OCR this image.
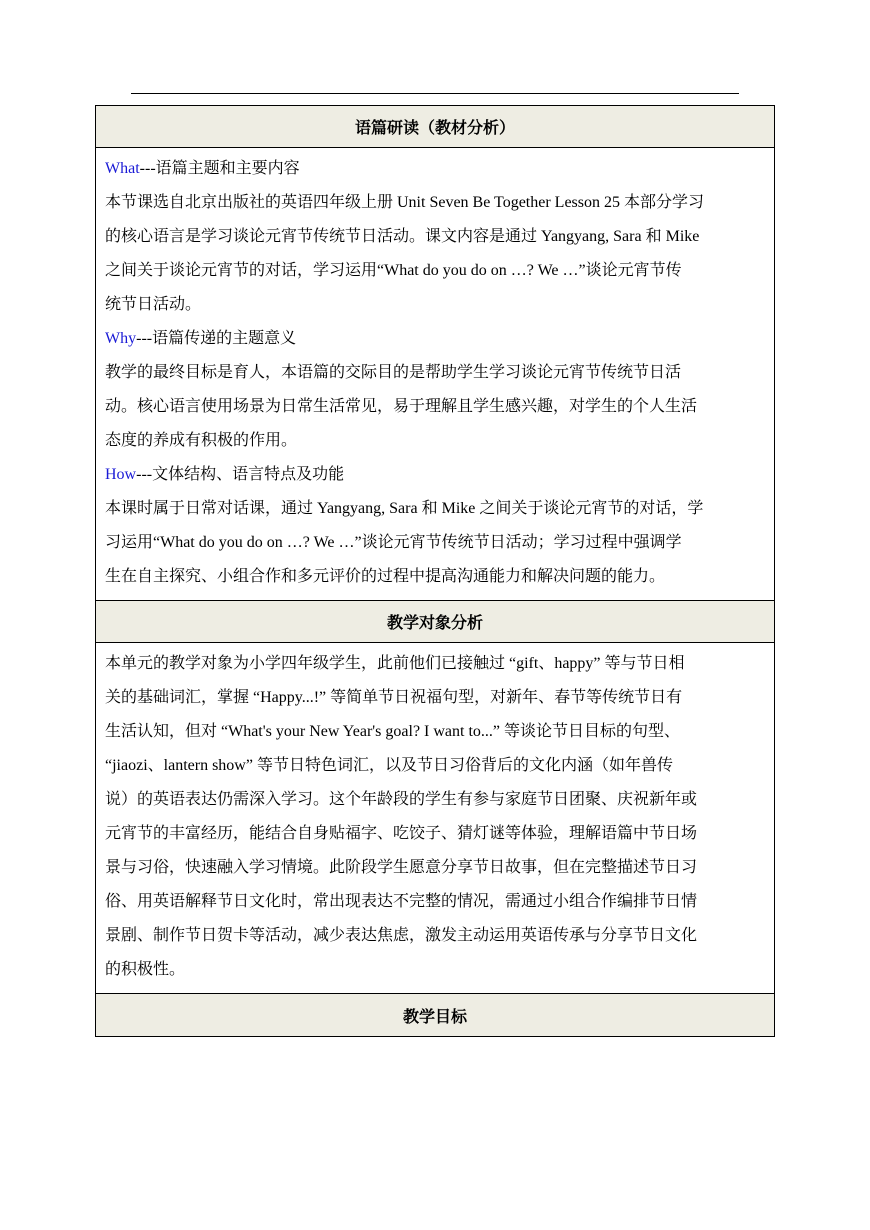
语篇研读（教材分析）
What---语篇主题和主要内容
本节课选自北京出版社的英语四年级上册 Unit Seven Be Together Lesson 25 本部分学习
的核心语言是学习谈论元宵节传统节日活动。课文内容是通过 Yangyang, Sara 和 Mike
之间关于谈论元宵节的对话，学习运用“What do you do on …? We …”谈论元宵节传
统节日活动。
Why---语篇传递的主题意义
教学的最终目标是育人，本语篇的交际目的是帮助学生学习谈论元宵节传统节日活
动。核心语言使用场景为日常生活常见，易于理解且学生感兴趣，对学生的个人生活
态度的养成有积极的作用。
How---文体结构、语言特点及功能
本课时属于日常对话课，通过 Yangyang, Sara 和 Mike 之间关于谈论元宵节的对话，学
习运用“What do you do on …? We …”谈论元宵节传统节日活动；学习过程中强调学
生在自主探究、小组合作和多元评价的过程中提高沟通能力和解决问题的能力。
教学对象分析
本单元的教学对象为小学四年级学生，此前他们已接触过 “gift、happy” 等与节日相
关的基础词汇，掌握 “Happy...!” 等简单节日祝福句型，对新年、春节等传统节日有
生活认知，但对 “What's your New Year's goal? I want to...” 等谈论节日目标的句型、
“jiaozi、lantern show” 等节日特色词汇，以及节日习俗背后的文化内涵（如年兽传
说）的英语表达仍需深入学习。这个年龄段的学生有参与家庭节日团聚、庆祝新年或
元宵节的丰富经历，能结合自身贴福字、吃饺子、猜灯谜等体验，理解语篇中节日场
景与习俗，快速融入学习情境。此阶段学生愿意分享节日故事，但在完整描述节日习
俗、用英语解释节日文化时，常出现表达不完整的情况，需通过小组合作编排节日情
景剧、制作节日贺卡等活动，减少表达焦虑，激发主动运用英语传承与分享节日文化
的积极性。
教学目标
